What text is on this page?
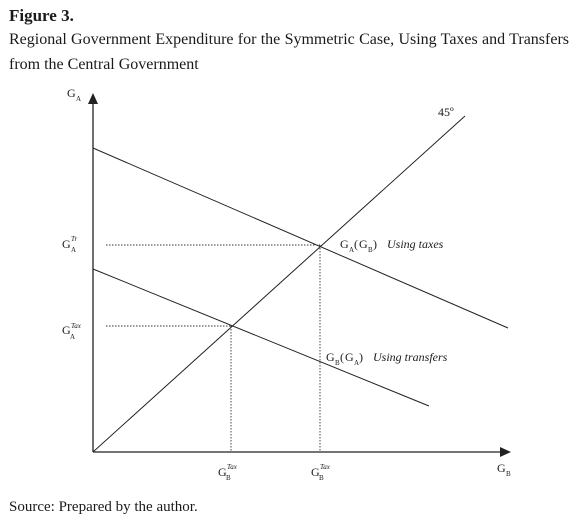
Figure 3.
Regional Government Expenditure for the Symmetric Case, Using Taxes and Transfers from the Central Government
G A
G B
45º
G Tr
A
G Tax
A
G Tax
B	G Tax
B
G A ( G B ) Using taxes
G B ( G A ) Using transfers
Source: Prepared by the author.
